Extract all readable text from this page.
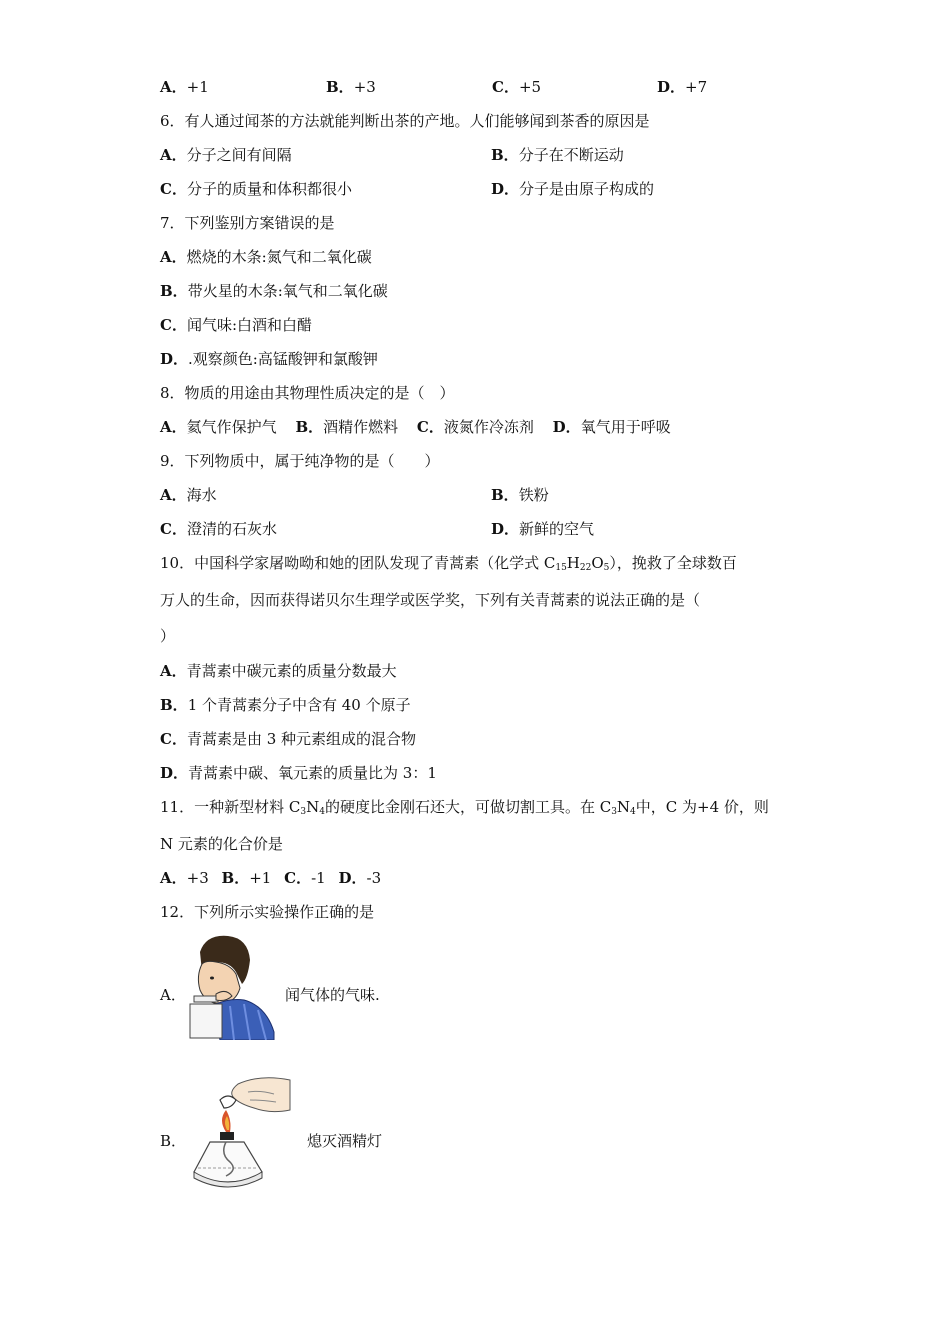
A．+1	B．+3	C．+5	D．+7
6．有人通过闻茶的方法就能判断出茶的产地。人们能够闻到茶香的原因是
A．分子之间有间隔	B．分子在不断运动
C．分子的质量和体积都很小	D．分子是由原子构成的
7．下列鉴别方案错误的是
A．燃烧的木条:氮气和二氧化碳
B．带火星的木条:氧气和二氧化碳
C．闻气味:白酒和白醋
D．.观察颜色:高锰酸钾和氯酸钾
8．物质的用途由其物理性质决定的是（　）
A．氦气作保护气 B．酒精作燃料 C．液氮作冷冻剂 D．氧气用于呼吸
9．下列物质中，属于纯净物的是（　　）
A．海水	B．铁粉
C．澄清的石灰水	D．新鲜的空气
10．中国科学家屠呦呦和她的团队发现了青蒿素（化学式 $C_{15}H_{22}O_5$），挽救了全球数百
万人的生命，因而获得诺贝尔生理学或医学奖，下列有关青蒿素的说法正确的是（
）
A．青蒿素中碳元素的质量分数最大
B．1 个青蒿素分子中含有 40 个原子
C．青蒿素是由 3 种元素组成的混合物
D．青蒿素中碳、氧元素的质量比为 3：1
11．一种新型材料 $C_3N_4$的硬度比金刚石还大，可做切割工具。在 $C_3N_4$中，C 为+4 价，则
N 元素的化合价是
A．+3 B．+1 C．-1 D．-3
12．下列所示实验操作正确的是
A．	闻气体的气味.
B．	熄灭酒精灯
